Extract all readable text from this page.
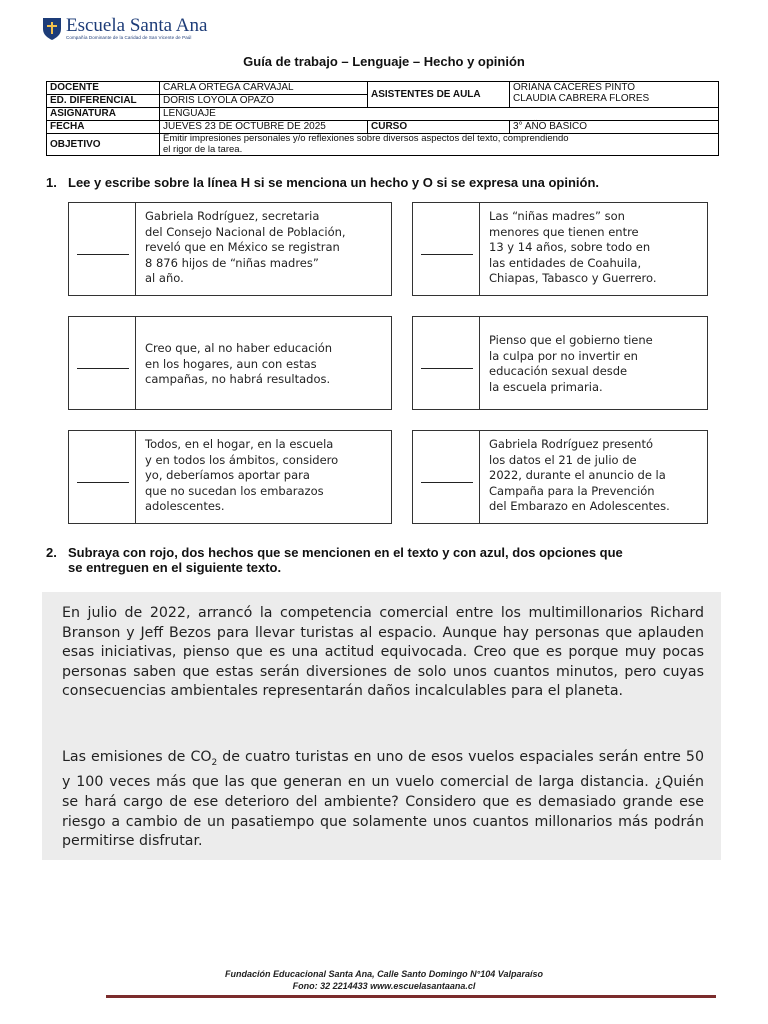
Escuela Santa Ana
Compañía Dominante de la Caridad de San Vicente de Paúl
Guía de trabajo – Lenguaje – Hecho y opinión
DOCENTE	CARLA ORTEGA CARVAJAL	ASISTENTES DE AULA	ORIANA CÁCERES PINTO
CLAUDIA CABRERA FLORES

ED. DIFERENCIAL	DORIS LOYOLA OPAZO		
ASIGNATURA	LENGUAJE		
FECHA	JUEVES 23 DE OCTUBRE DE 2025	CURSO	3° AÑO BASICO
OBJETIVO	Emitir impresiones personales y/o reflexiones sobre diversos aspectos del texto, comprendiendo
el rigor de la tarea.		
1. Lee y escribe sobre la línea H si se menciona un hecho y O si se expresa una opinión.
Gabriela Rodríguez, secretaria
del Consejo Nacional de Población,
reveló que en México se registran
8 876 hijos de “niñas madres”
al año.
Las “niñas madres” son
menores que tienen entre
13 y 14 años, sobre todo en
las entidades de Coahuila,
Chiapas, Tabasco y Guerrero.
Creo que, al no haber educación
en los hogares, aun con estas
campañas, no habrá resultados.
Pienso que el gobierno tiene
la culpa por no invertir en
educación sexual desde
la escuela primaria.
Todos, en el hogar, en la escuela
y en todos los ámbitos, considero
yo, deberíamos aportar para
que no sucedan los embarazos
adolescentes.
Gabriela Rodríguez presentó
los datos el 21 de julio de
2022, durante el anuncio de la
Campaña para la Prevención
del Embarazo en Adolescentes.
2. Subraya con rojo, dos hechos que se mencionen en el texto y con azul, dos opciones que
se entreguen en el siguiente texto.

En julio de 2022, arrancó la competencia comercial entre los multimillonarios Richard Branson y Jeff Bezos para llevar turistas al espacio. Aunque hay personas que aplauden esas iniciativas, pienso que es una actitud equivocada. Creo que es porque muy pocas personas saben que estas serán diversiones de solo unos cuantos minutos, pero cuyas consecuencias ambientales representarán daños incalculables para el planeta.

Las emisiones de $CO_2$ de cuatro turistas en uno de esos vuelos espaciales serán entre 50 y 100 veces más que las que generan en un vuelo comercial de larga distancia. ¿Quién se hará cargo de ese deterioro del ambiente? Considero que es demasiado grande ese riesgo a cambio de un pasatiempo que solamente unos cuantos millonarios más podrán permitirse disfrutar.

Fundación Educacional Santa Ana, Calle Santo Domingo N°104 Valparaíso
Fono: 32 2214433 www.escuelasantaana.cl
